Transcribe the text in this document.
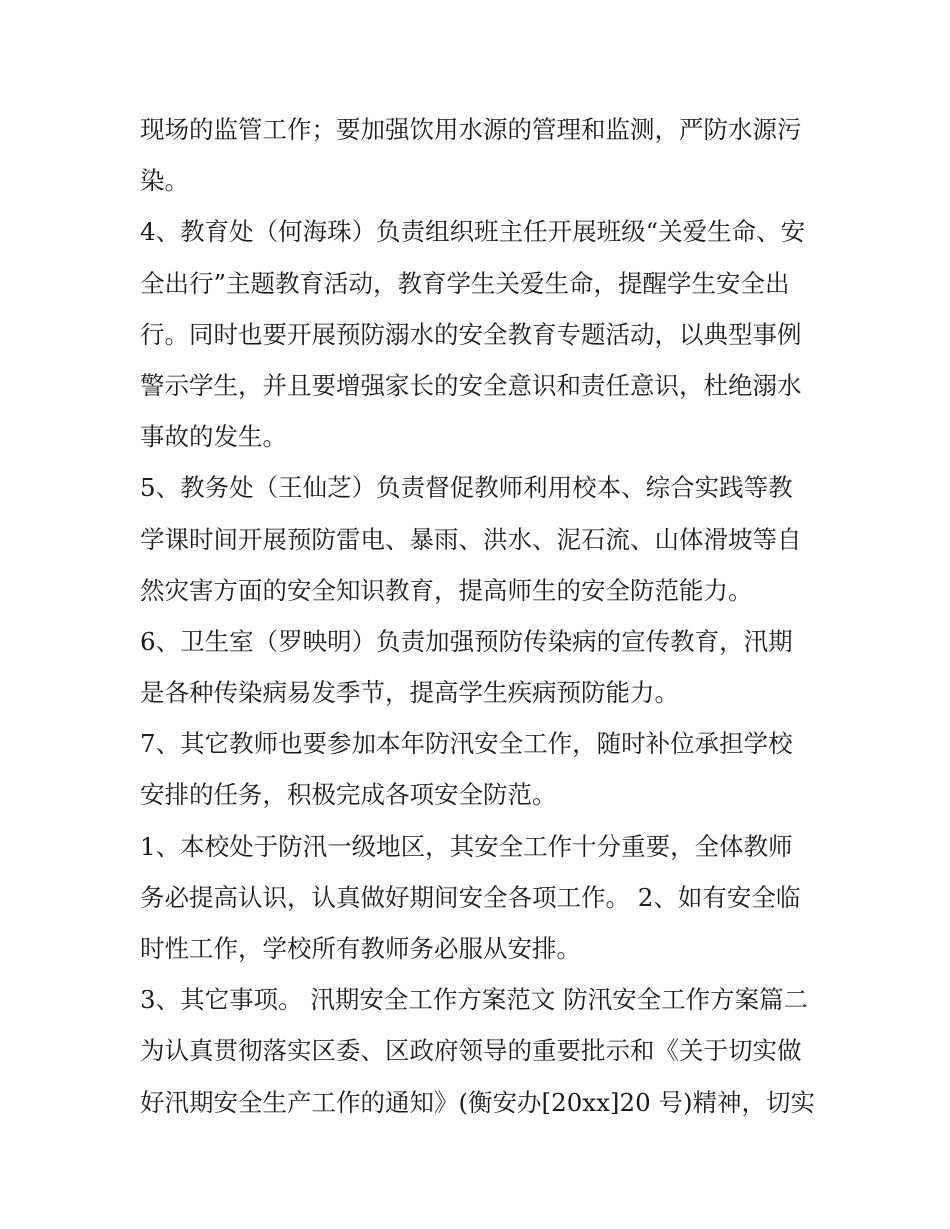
现场的监管工作；要加强饮用水源的管理和监测，严防水源污
染。
4、教育处（何海珠）负责组织班主任开展班级“关爱生命、安
全出行”主题教育活动，教育学生关爱生命，提醒学生安全出
行。同时也要开展预防溺水的安全教育专题活动，以典型事例
警示学生，并且要增强家长的安全意识和责任意识，杜绝溺水
事故的发生。
5、教务处（王仙芝）负责督促教师利用校本、综合实践等教
学课时间开展预防雷电、暴雨、洪水、泥石流、山体滑坡等自
然灾害方面的安全知识教育，提高师生的安全防范能力。
6、卫生室（罗映明）负责加强预防传染病的宣传教育，汛期
是各种传染病易发季节，提高学生疾病预防能力。
7、其它教师也要参加本年防汛安全工作，随时补位承担学校
安排的任务，积极完成各项安全防范。
1、本校处于防汛一级地区，其安全工作十分重要，全体教师
务必提高认识，认真做好期间安全各项工作。 2、如有安全临
时性工作，学校所有教师务必服从安排。
3、其它事项。 汛期安全工作方案范文 防汛安全工作方案篇二
为认真贯彻落实区委、区政府领导的重要批示和《关于切实做
好汛期安全生产工作的通知》(衡安办[20xx]20 号)精神，切实
